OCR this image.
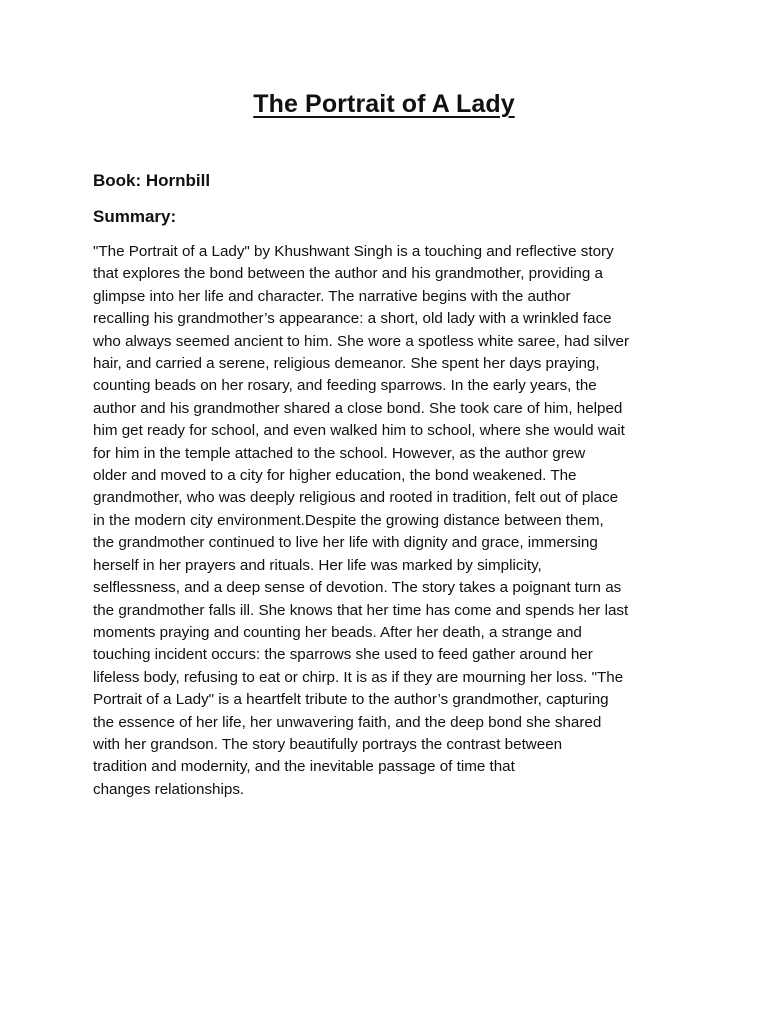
The Portrait of A Lady
Book: Hornbill
Summary:
"The Portrait of a Lady" by Khushwant Singh is a touching and reflective story
that explores the bond between the author and his grandmother, providing a
glimpse into her life and character. The narrative begins with the author
recalling his grandmother’s appearance: a short, old lady with a wrinkled face
who always seemed ancient to him. She wore a spotless white saree, had silver
hair, and carried a serene, religious demeanor. She spent her days praying,
counting beads on her rosary, and feeding sparrows. In the early years, the
author and his grandmother shared a close bond. She took care of him, helped
him get ready for school, and even walked him to school, where she would wait
for him in the temple attached to the school. However, as the author grew
older and moved to a city for higher education, the bond weakened. The
grandmother, who was deeply religious and rooted in tradition, felt out of place
in the modern city environment.Despite the growing distance between them,
the grandmother continued to live her life with dignity and grace, immersing
herself in her prayers and rituals. Her life was marked by simplicity,
selflessness, and a deep sense of devotion. The story takes a poignant turn as
the grandmother falls ill. She knows that her time has come and spends her last
moments praying and counting her beads. After her death, a strange and
touching incident occurs: the sparrows she used to feed gather around her
lifeless body, refusing to eat or chirp. It is as if they are mourning her loss. "The
Portrait of a Lady" is a heartfelt tribute to the author’s grandmother, capturing
the essence of her life, her unwavering faith, and the deep bond she shared
with her grandson. The story beautifully portrays the contrast between
tradition and modernity, and the inevitable passage of time that
changes relationships.
